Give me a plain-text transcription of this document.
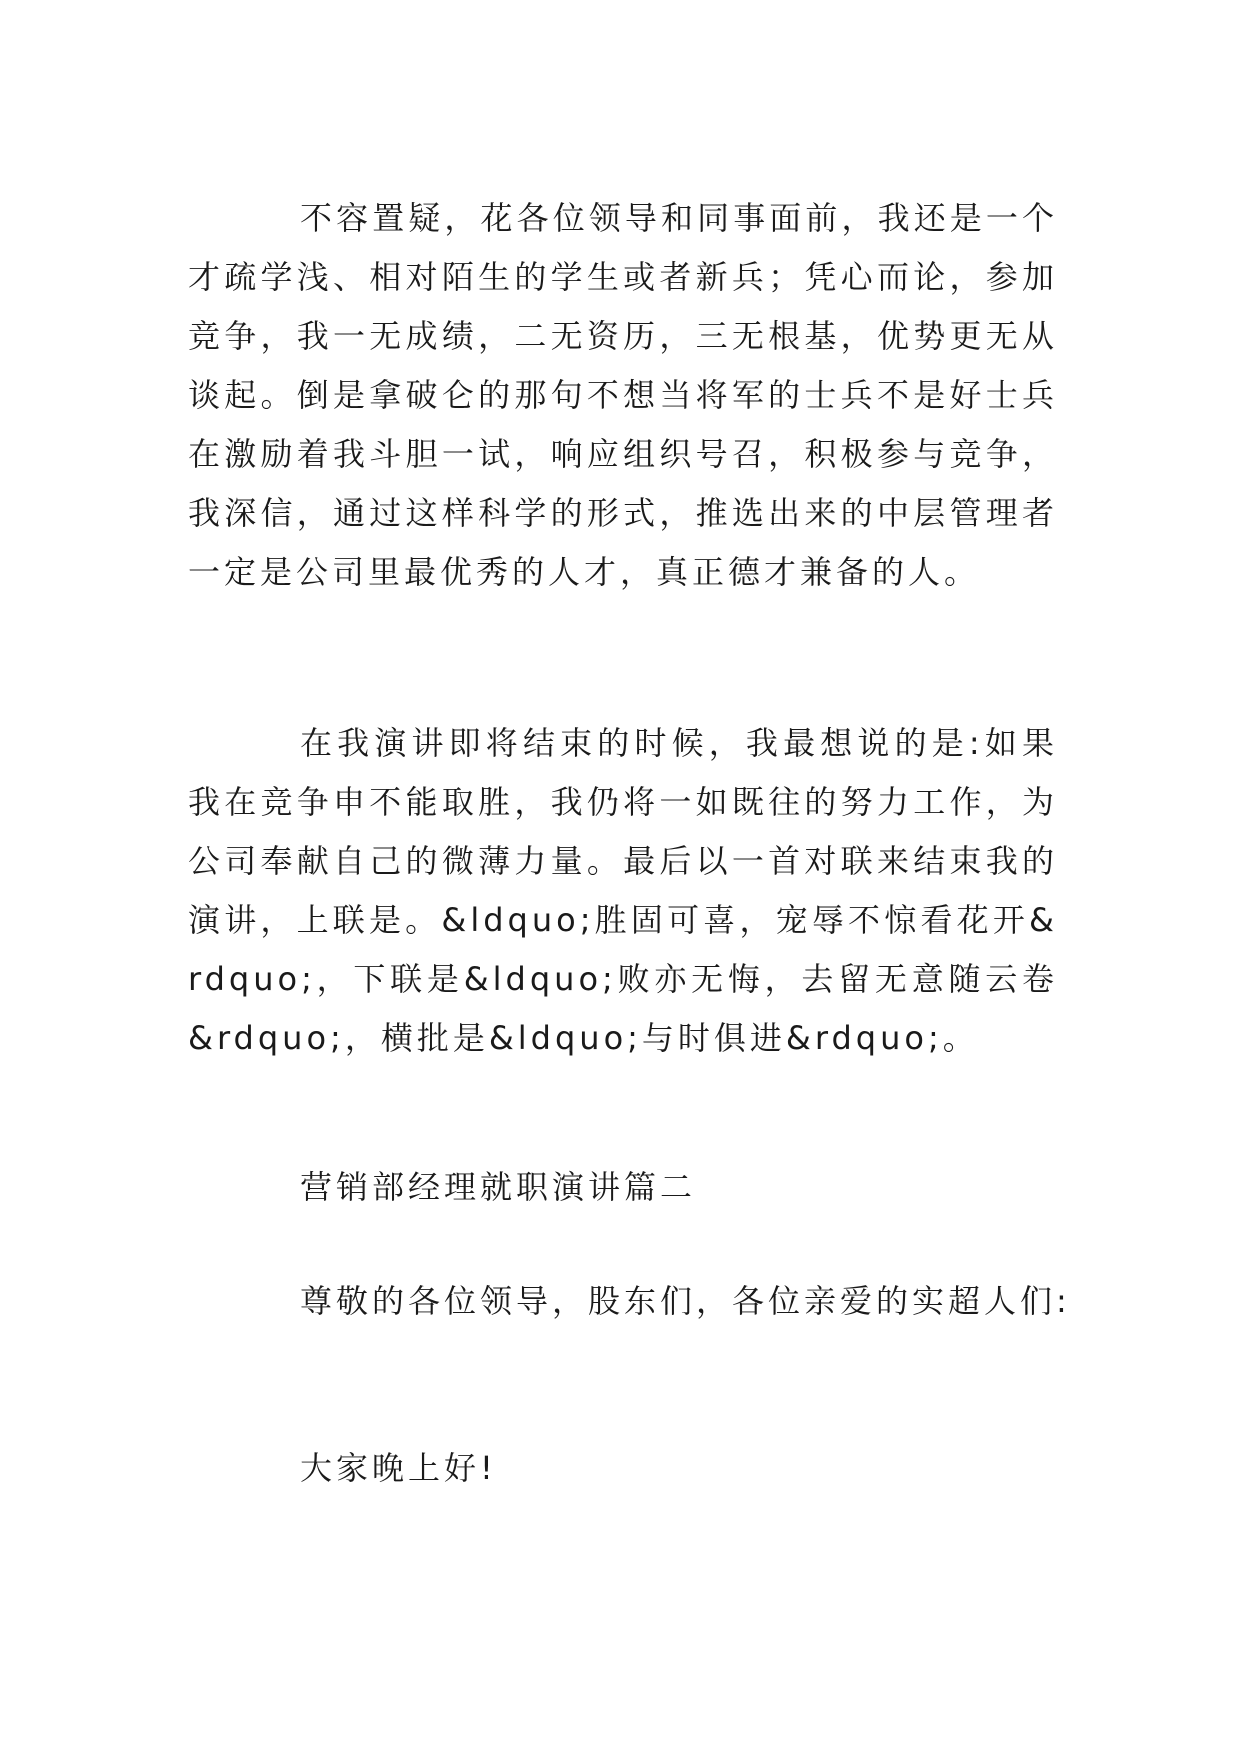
不容置疑，花各位领导和同事面前，我还是一个才疏学浅、相对陌生的学生或者新兵；凭心而论，参加竞争，我一无成绩，二无资历，三无根基，优势更无从谈起。倒是拿破仑的那句不想当将军的士兵不是好士兵在激励着我斗胆一试，响应组织号召，积极参与竞争， 我深信，通过这样科学的形式，推选出来的中层管理者一定是公司里最优秀的人才，真正德才兼备的人。

在我演讲即将结束的时候，我最想说的是:如果我在竞争申不能取胜，我仍将一如既往的努力工作，为公司奉献自己的微薄力量。最后以一首对联来结束我的演讲，上联是。&ldquo;胜固可喜，宠辱不惊看花开&rdquo;，下联是&ldquo;败亦无悔，去留无意随云卷&rdquo;，横批是&ldquo;与时俱进&rdquo;。

营销部经理就职演讲篇二
尊敬的各位领导，股东们，各位亲爱的实超人们:
大家晚上好!
